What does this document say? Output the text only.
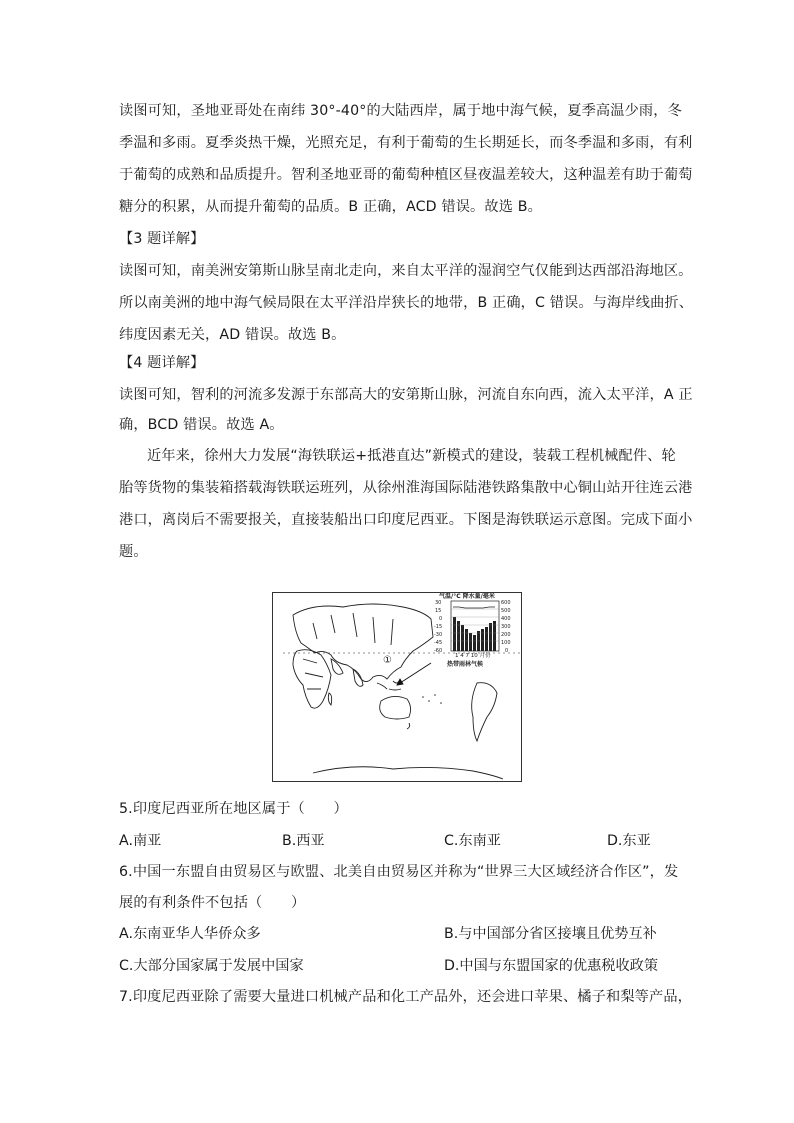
读图可知，圣地亚哥处在南纬 30°-40°的大陆西岸，属于地中海气候，夏季高温少雨，冬
季温和多雨。夏季炎热干燥，光照充足，有利于葡萄的生长期延长，而冬季温和多雨，有利
于葡萄的成熟和品质提升。智利圣地亚哥的葡萄种植区昼夜温差较大，这种温差有助于葡萄
糖分的积累，从而提升葡萄的品质。B 正确，ACD 错误。故选 B。
【3 题详解】
读图可知，南美洲安第斯山脉呈南北走向，来自太平洋的湿润空气仅能到达西部沿海地区。
所以南美洲的地中海气候局限在太平洋沿岸狭长的地带，B 正确，C 错误。与海岸线曲折、
纬度因素无关，AD 错误。故选 B。
【4 题详解】
读图可知，智利的河流多发源于东部高大的安第斯山脉，河流自东向西，流入太平洋，A 正
确，BCD 错误。故选 A。
近年来，徐州大力发展“海铁联运+抵港直达”新模式的建设，装载工程机械配件、轮
胎等货物的集装箱搭载海铁联运班列，从徐州淮海国际陆港铁路集散中心铜山站开往连云港
港口，离岗后不需要报关，直接装船出口印度尼西亚。下图是海铁联运示意图。完成下面小
题。
①
气温/°C 降水量/毫米
30
15
0
-15
-30
-45
-60
600
500
400
300
200
100
0
1 4 7 10 月份
热带雨林气候
5.印度尼西亚所在地区属于（　　）
A.南亚	B.西亚	C.东南亚	D.东亚
6.中国一东盟自由贸易区与欧盟、北美自由贸易区并称为“世界三大区域经济合作区”，发
展的有利条件不包括（　　）
A.东南亚华人华侨众多	B.与中国部分省区接壤且优势互补
C.大部分国家属于发展中国家	D.中国与东盟国家的优惠税收政策
7.印度尼西亚除了需要大量进口机械产品和化工产品外，还会进口苹果、橘子和梨等产品，
